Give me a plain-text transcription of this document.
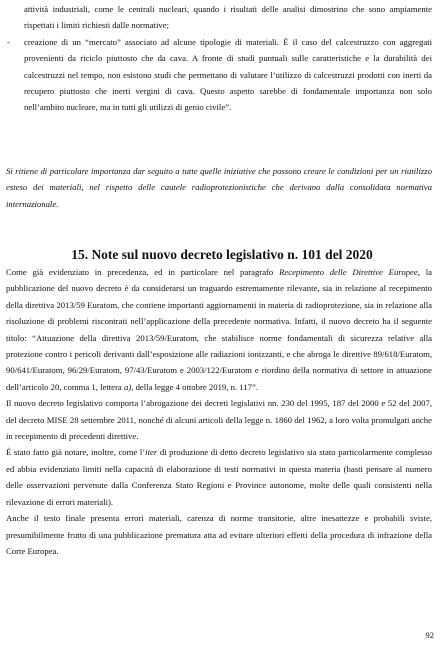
attività industriali, come le centrali nucleari, quando i risultati delle analisi dimostrino che sono ampiamente rispettati i limiti richiesti dalle normative;

- creazione di un “mercato” associato ad alcune tipologie di materiali. È il caso del calcestruzzo con aggregati provenienti da riciclo piuttosto che da cava. A fronte di studi puntuali sulle caratteristiche e la durabilità dei calcestruzzi nel tempo, non esistono studi che permettano di valutare l’utilizzo di calcestruzzi prodotti con inerti da recupero piuttosto che inerti vergini di cava. Questo aspetto sarebbe di fondamentale importanza non solo nell’ambito nucleare, ma in tutti gli utilizzi di genio civile”.

Si ritiene di particolare importanza dar seguito a tutte quelle iniziative che possono creare le condizioni per un riutilizzo esteso dei materiali, nel rispetto delle cautele radioprotezionistiche che derivano dalla consolidata normativa internazionale.

15. Note sul nuovo decreto legislativo n. 101 del 2020

Come già evidenziato in precedenza, ed in particolare nel paragrafo Recepimento delle Direttive Europee, la pubblicazione del nuovo decreto è da considerarsi un traguardo estremamente rilevante, sia in relazione al recepimento della direttiva 2013/59 Euratom, che contiene importanti aggiornamenti in materia di radioprotezione, sia in relazione alla risoluzione di problemi riscontrati nell’applicazione della precedente normativa. Infatti, il nuovo decreto ha il seguente titolo: “Attuazione della direttiva 2013/59/Euratom, che stabilisce norme fondamentali di sicurezza relative alla protezione contro i pericoli derivanti dall’esposizione alle radiazioni ionizzanti, e che abroga le direttive 89/618/Euratom, 90/641/Euratom, 96/29/Euratom, 97/43/Euratom e 2003/122/Euratom e riordino della normativa di settore in attuazione dell’articolo 20, comma 1, lettera a), della legge 4 ottobre 2019, n. 117”.

Il nuovo decreto legislativo comporta l’abrogazione dei decreti legislativi nn. 230 del 1995, 187 del 2000 e 52 del 2007, del decreto MISE 28 settembre 2011, nonché di alcuni articoli della legge n. 1860 del 1962, a loro volta promulgati anche in recepimento di precedenti direttive.

È stato fatto già notare, inoltre, come l’iter di produzione di detto decreto legislativo sia stato particolarmente complesso ed abbia evidenziato limiti nella capacità di elaborazione di testi normativi in questa materia (basti pensare al numero delle osservazioni pervenute dalla Conferenza Stato Regioni e Province autonome, molte delle quali consistenti nella rilevazione di errori materiali).

Anche il testo finale presenta errori materiali, carenza di norme transitorie, altre inesattezze e probabili sviste, presumibilmente frutto di una pubblicazione prematura atta ad evitare ulteriori effetti della procedura di infrazione della Corte Europea.

92
